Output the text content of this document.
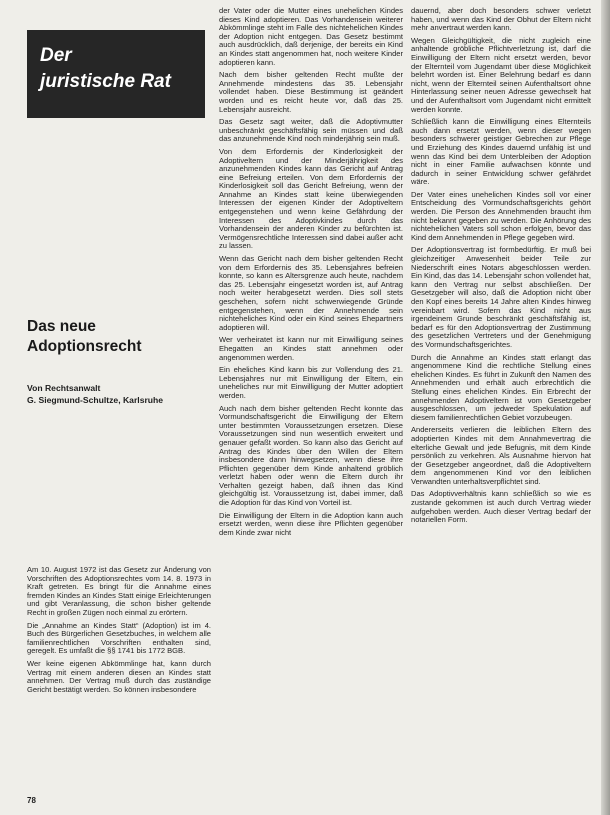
Der
juristische Rat
Das neue
Adoptionsrecht
Von Rechtsanwalt
G. Siegmund-Schultze, Karlsruhe

Am 10. August 1972 ist das Gesetz zur Änderung von Vorschriften des Adoptionsrechtes vom 14. 8. 1973 in Kraft getreten. Es bringt für die Annahme eines fremden Kindes an Kindes Statt einige Erleichterungen und gibt Veranlassung, die schon bisher geltende Recht in großen Zügen noch einmal zu erörtern.

Die „Annahme an Kindes Statt“ (Adoption) ist im 4. Buch des Bürgerlichen Gesetzbuches, in welchem alle familienrechtlichen Vorschriften enthalten sind, geregelt. Es umfaßt die §§ 1741 bis 1772 BGB.

Wer keine eigenen Abkömmlinge hat, kann durch Vertrag mit einem anderen diesen an Kindes statt annehmen. Der Vertrag muß durch das zuständige Gericht bestätigt werden. So können insbesondere

der Vater oder die Mutter eines unehelichen Kindes dieses Kind adoptieren. Das Vorhandensein weiterer Abkömmlinge steht im Falle des nichtehelichen Kindes der Adoption nicht entgegen. Das Gesetz bestimmt auch ausdrücklich, daß derjenige, der bereits ein Kind an Kindes statt angenommen hat, noch weitere Kinder adoptieren kann.

Nach dem bisher geltenden Recht mußte der Annehmende mindestens das 35. Lebensjahr vollendet haben. Diese Bestimmung ist geändert worden und es reicht heute vor, daß das 25. Lebensjahr ausreicht.

Das Gesetz sagt weiter, daß die Adoptivmutter unbeschränkt geschäftsfähig sein müssen und daß das anzunehmende Kind noch minderjährig sein muß.

Von dem Erfordernis der Kinderlosigkeit der Adoptiveltern und der Minderjährigkeit des anzunehmenden Kindes kann das Gericht auf Antrag eine Befreiung erteilen. Von dem Erfordernis der Kinderlosigkeit soll das Gericht Befreiung, wenn der Annahme an Kindes statt keine überwiegenden Interessen der eigenen Kinder der Adoptiveltern entgegenstehen und wenn keine Gefährdung der Interessen des Adoptivkindes durch das Vorhandensein der anderen Kinder zu befürchten ist. Vermögensrechtliche Interessen sind dabei außer acht zu lassen.

Wenn das Gericht nach dem bisher geltenden Recht von dem Erfordernis des 35. Lebensjahres befreien konnte, so kann es Altersgrenze auch heute, nachdem das 25. Lebensjahr eingesetzt worden ist, auf Antrag noch weiter herabgesetzt werden. Dies soll stets geschehen, sofern nicht schwerwiegende Gründe entgegenstehen, wenn der Annehmende sein nichteheliches Kind oder ein Kind seines Ehepartners adoptieren will.

Wer verheiratet ist kann nur mit Einwilligung seines Ehegatten an Kindes statt annehmen oder angenommen werden.

Ein eheliches Kind kann bis zur Vollendung des 21. Lebensjahres nur mit Einwilligung der Eltern, ein uneheliches nur mit Einwilligung der Mutter adoptiert werden.

Auch nach dem bisher geltenden Recht konnte das Vormundschaftsgericht die Einwilligung der Eltern unter bestimmten Voraussetzungen ersetzen. Diese Voraussetzungen sind nun wesentlich erweitert und genauer gefaßt worden. So kann also das Gericht auf Antrag des Kindes über den Willen der Eltern insbesondere dann hinwegsetzen, wenn diese ihre Pflichten gegenüber dem Kinde anhaltend gröblich verletzt haben oder wenn die Eltern durch ihr Verhalten gezeigt haben, daß ihnen das Kind gleichgültig ist. Voraussetzung ist, dabei immer, daß die Adoption für das Kind von Vorteil ist.

Die Einwilligung der Eltern in die Adoption kann auch ersetzt werden, wenn diese ihre Pflichten gegenüber dem Kinde zwar nicht

dauernd, aber doch besonders schwer verletzt haben, und wenn das Kind der Obhut der Eltern nicht mehr anvertraut werden kann.

Wegen Gleichgültigkeit, die nicht zugleich eine anhaltende gröbliche Pflichtverletzung ist, darf die Einwilligung der Eltern nicht ersetzt werden, bevor der Elternteil vom Jugendamt über diese Möglichkeit belehrt worden ist. Einer Belehrung bedarf es dann nicht, wenn der Elternteil seinen Aufenthaltsort ohne Hinterlassung seiner neuen Adresse gewechselt hat und der Aufenthaltsort vom Jugendamt nicht ermittelt werden konnte.

Schließlich kann die Einwilligung eines Elternteils auch dann ersetzt werden, wenn dieser wegen besonders schwerer geistiger Gebrechen zur Pflege und Erziehung des Kindes dauernd unfähig ist und wenn das Kind bei dem Unterbleiben der Adoption nicht in einer Familie aufwachsen könnte und dadurch in seiner Entwicklung schwer gefährdet wäre.

Der Vater eines unehelichen Kindes soll vor einer Entscheidung des Vormundschaftsgerichts gehört werden. Die Person des Annehmenden braucht ihm nicht bekannt gegeben zu werden. Die Anhörung des nichtehelichen Vaters soll schon erfolgen, bevor das Kind dem Annehmenden in Pflege gegeben wird.

Der Adoptionsvertrag ist formbedürftig. Er muß bei gleichzeitiger Anwesenheit beider Teile zur Niederschrift eines Notars abgeschlossen werden. Ein Kind, das das 14. Lebensjahr schon vollendet hat, kann den Vertrag nur selbst abschließen. Der Gesetzgeber will also, daß die Adoption nicht über den Kopf eines bereits 14 Jahre alten Kindes hinweg vereinbart wird. Sofern das Kind nicht aus irgendeinem Grunde beschränkt geschäftsfähig ist, bedarf es für den Adoptionsvertrag der Zustimmung des gesetzlichen Vertreters und der Genehmigung des Vormundschaftsgerichtes.

Durch die Annahme an Kindes statt erlangt das angenommene Kind die rechtliche Stellung eines ehelichen Kindes. Es führt in Zukunft den Namen des Annehmenden und erhält auch erbrechtlich die Stellung eines ehelichen Kindes. Ein Erbrecht der annehmenden Adoptiveltern ist vom Gesetzgeber ausgeschlossen, um jedweder Spekulation auf diesem familienrechtlichen Gebiet vorzubeugen.

Andererseits verlieren die leiblichen Eltern des adoptierten Kindes mit dem Annahmevertrag die elterliche Gewalt und jede Befugnis, mit dem Kinde persönlich zu verkehren. Als Ausnahme hiervon hat der Gesetzgeber angeordnet, daß die Adoptiveltern dem angenommenen Kind vor den leiblichen Verwandten unterhaltsverpflichtet sind.

Das Adoptivverhältnis kann schließlich so wie es zustande gekommen ist auch durch Vertrag wieder aufgehoben werden. Auch dieser Vertrag bedarf der notariellen Form.

78
